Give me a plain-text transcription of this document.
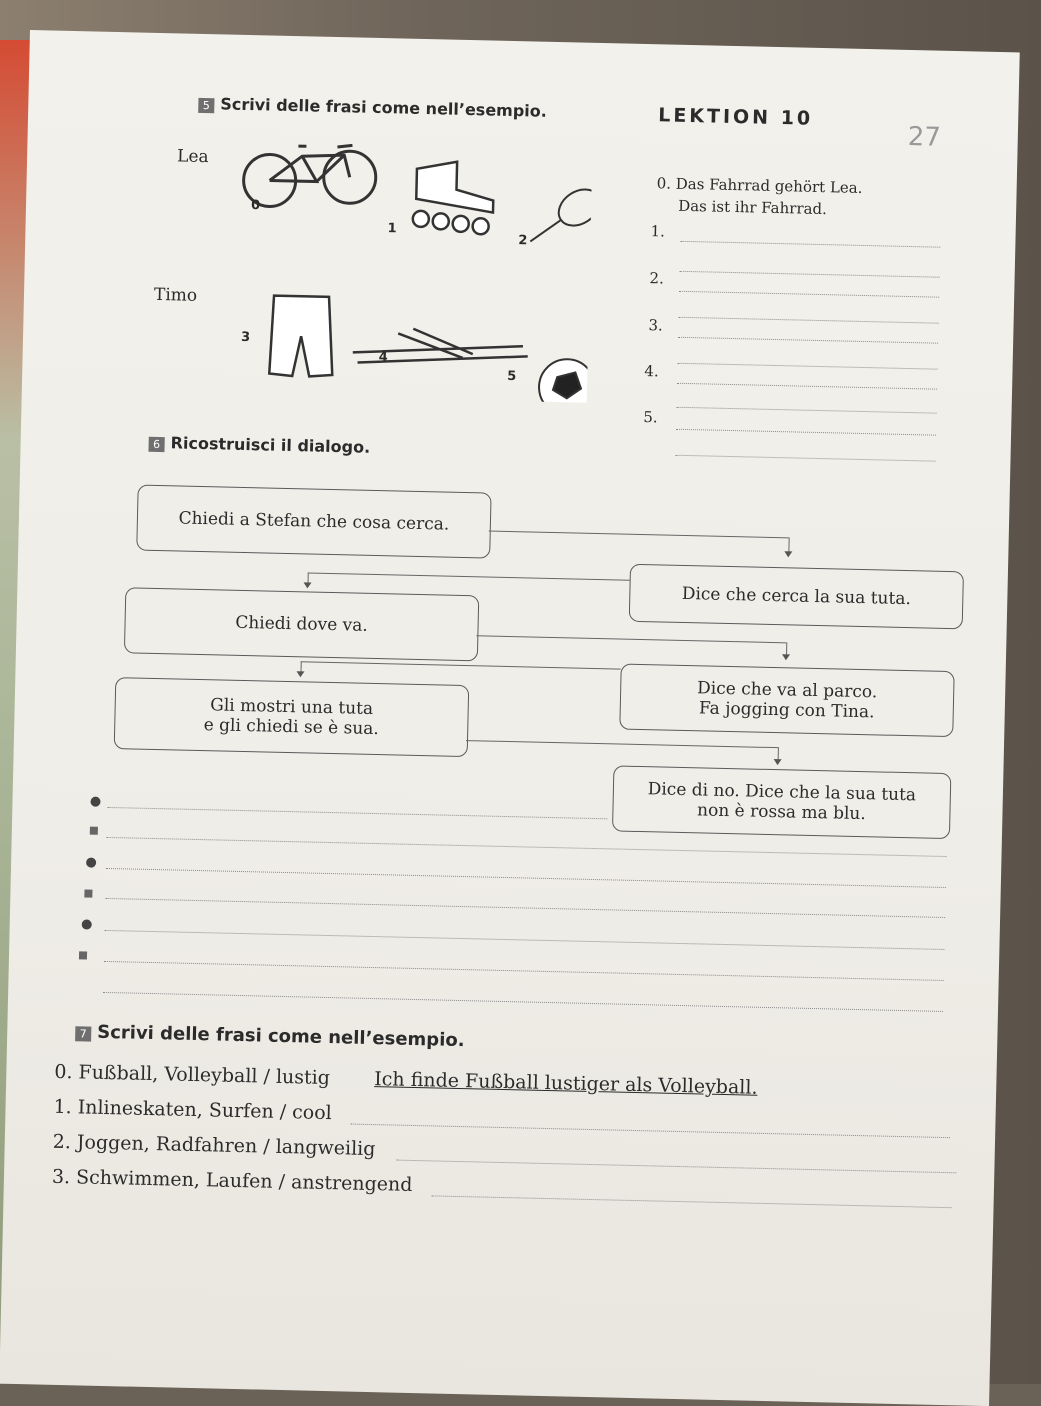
LEKTION 10
27
5 Scrivi delle frasi come nell’esempio.
Lea
Timo
0
1
2
3
4
5
0. Das Fahrrad gehört Lea.
Das ist ihr Fahrrad.
1.
2.
3.
4.
5.
6 Ricostruisci il dialogo.
Chiedi a Stefan che cosa cerca.
Dice che cerca la sua tuta.
Chiedi dove va.
Dice che va al parco.
Fa jogging con Tina.
Gli mostri una tuta
e gli chiedi se è sua.
Dice di no. Dice che la sua tuta
non è rossa ma blu.
7 Scrivi delle frasi come nell’esempio.
0. Fußball, Volleyball / lustig Ich finde Fußball lustiger als Volleyball.
1. Inlineskaten, Surfen / cool
2. Joggen, Radfahren / langweilig
3. Schwimmen, Laufen / anstrengend
